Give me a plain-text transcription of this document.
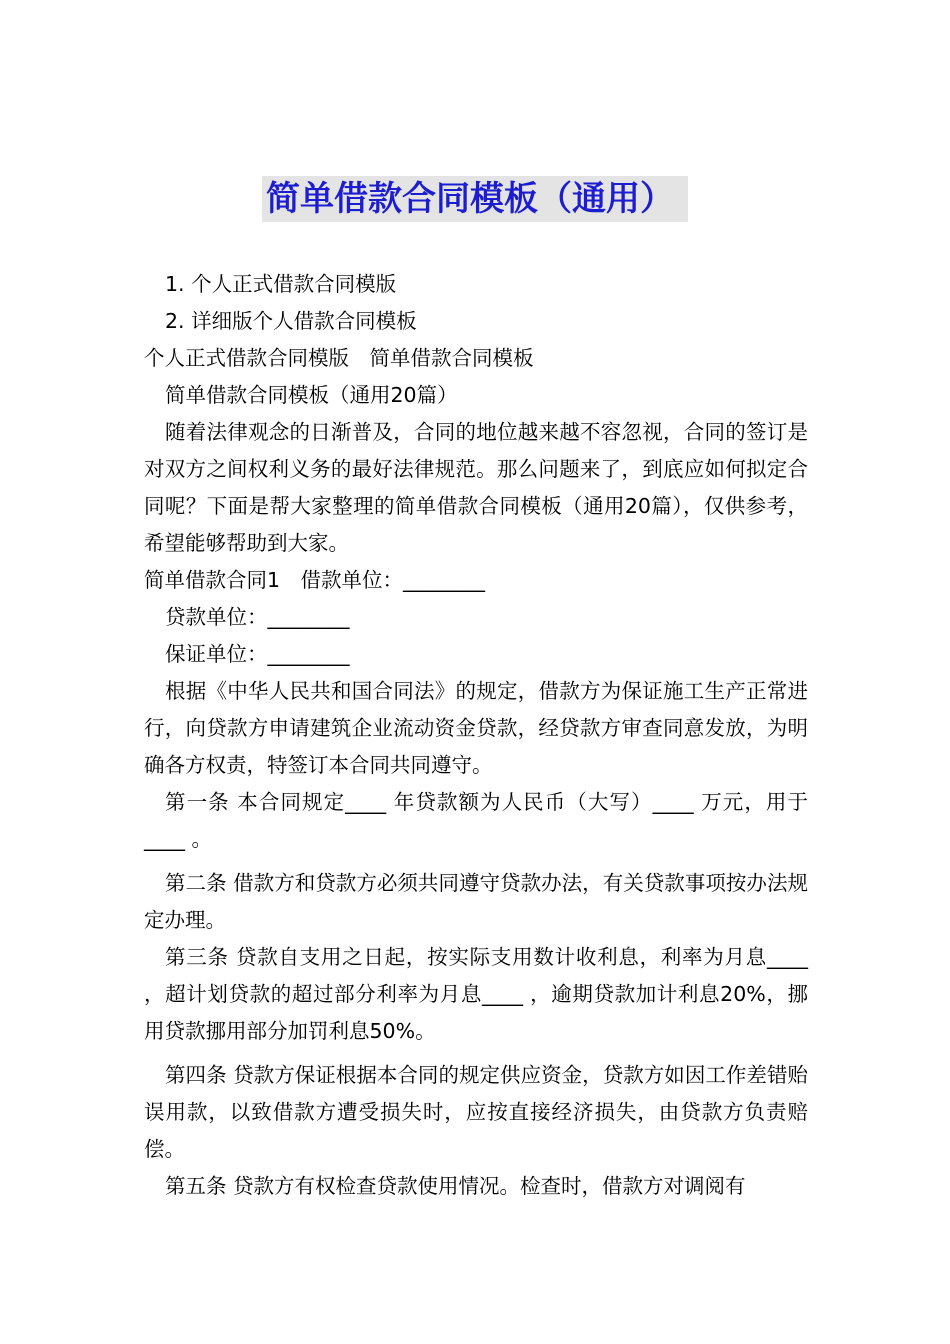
简单借款合同模板（通用）

1. 个人正式借款合同模版

2. 详细版个人借款合同模板

个人正式借款合同模版　简单借款合同模板

简单借款合同模板（通用20篇）

随着法律观念的日渐普及，合同的地位越来越不容忽视，合同的签订是对双方之间权利义务的最好法律规范。那么问题来了，到底应如何拟定合同呢？下面是帮大家整理的简单借款合同模板（通用20篇），仅供参考，希望能够帮助到大家。

简单借款合同1　借款单位：________

贷款单位：________

保证单位：________

根据《中华人民共和国合同法》的规定，借款方为保证施工生产正常进行，向贷款方申请建筑企业流动资金贷款，经贷款方审查同意发放，为明确各方权责，特签订本合同共同遵守。

第一条 本合同规定____ 年贷款额为人民币（大写）____ 万元，用于____ 。

第二条 借款方和贷款方必须共同遵守贷款办法，有关贷款事项按办法规定办理。

第三条 贷款自支用之日起，按实际支用数计收利息，利率为月息____ ，超计划贷款的超过部分利率为月息____ ，逾期贷款加计利息20%，挪用贷款挪用部分加罚利息50%。

第四条 贷款方保证根据本合同的规定供应资金，贷款方如因工作差错贻误用款，以致借款方遭受损失时，应按直接经济损失，由贷款方负责赔偿。

第五条 贷款方有权检查贷款使用情况。检查时，借款方对调阅有
